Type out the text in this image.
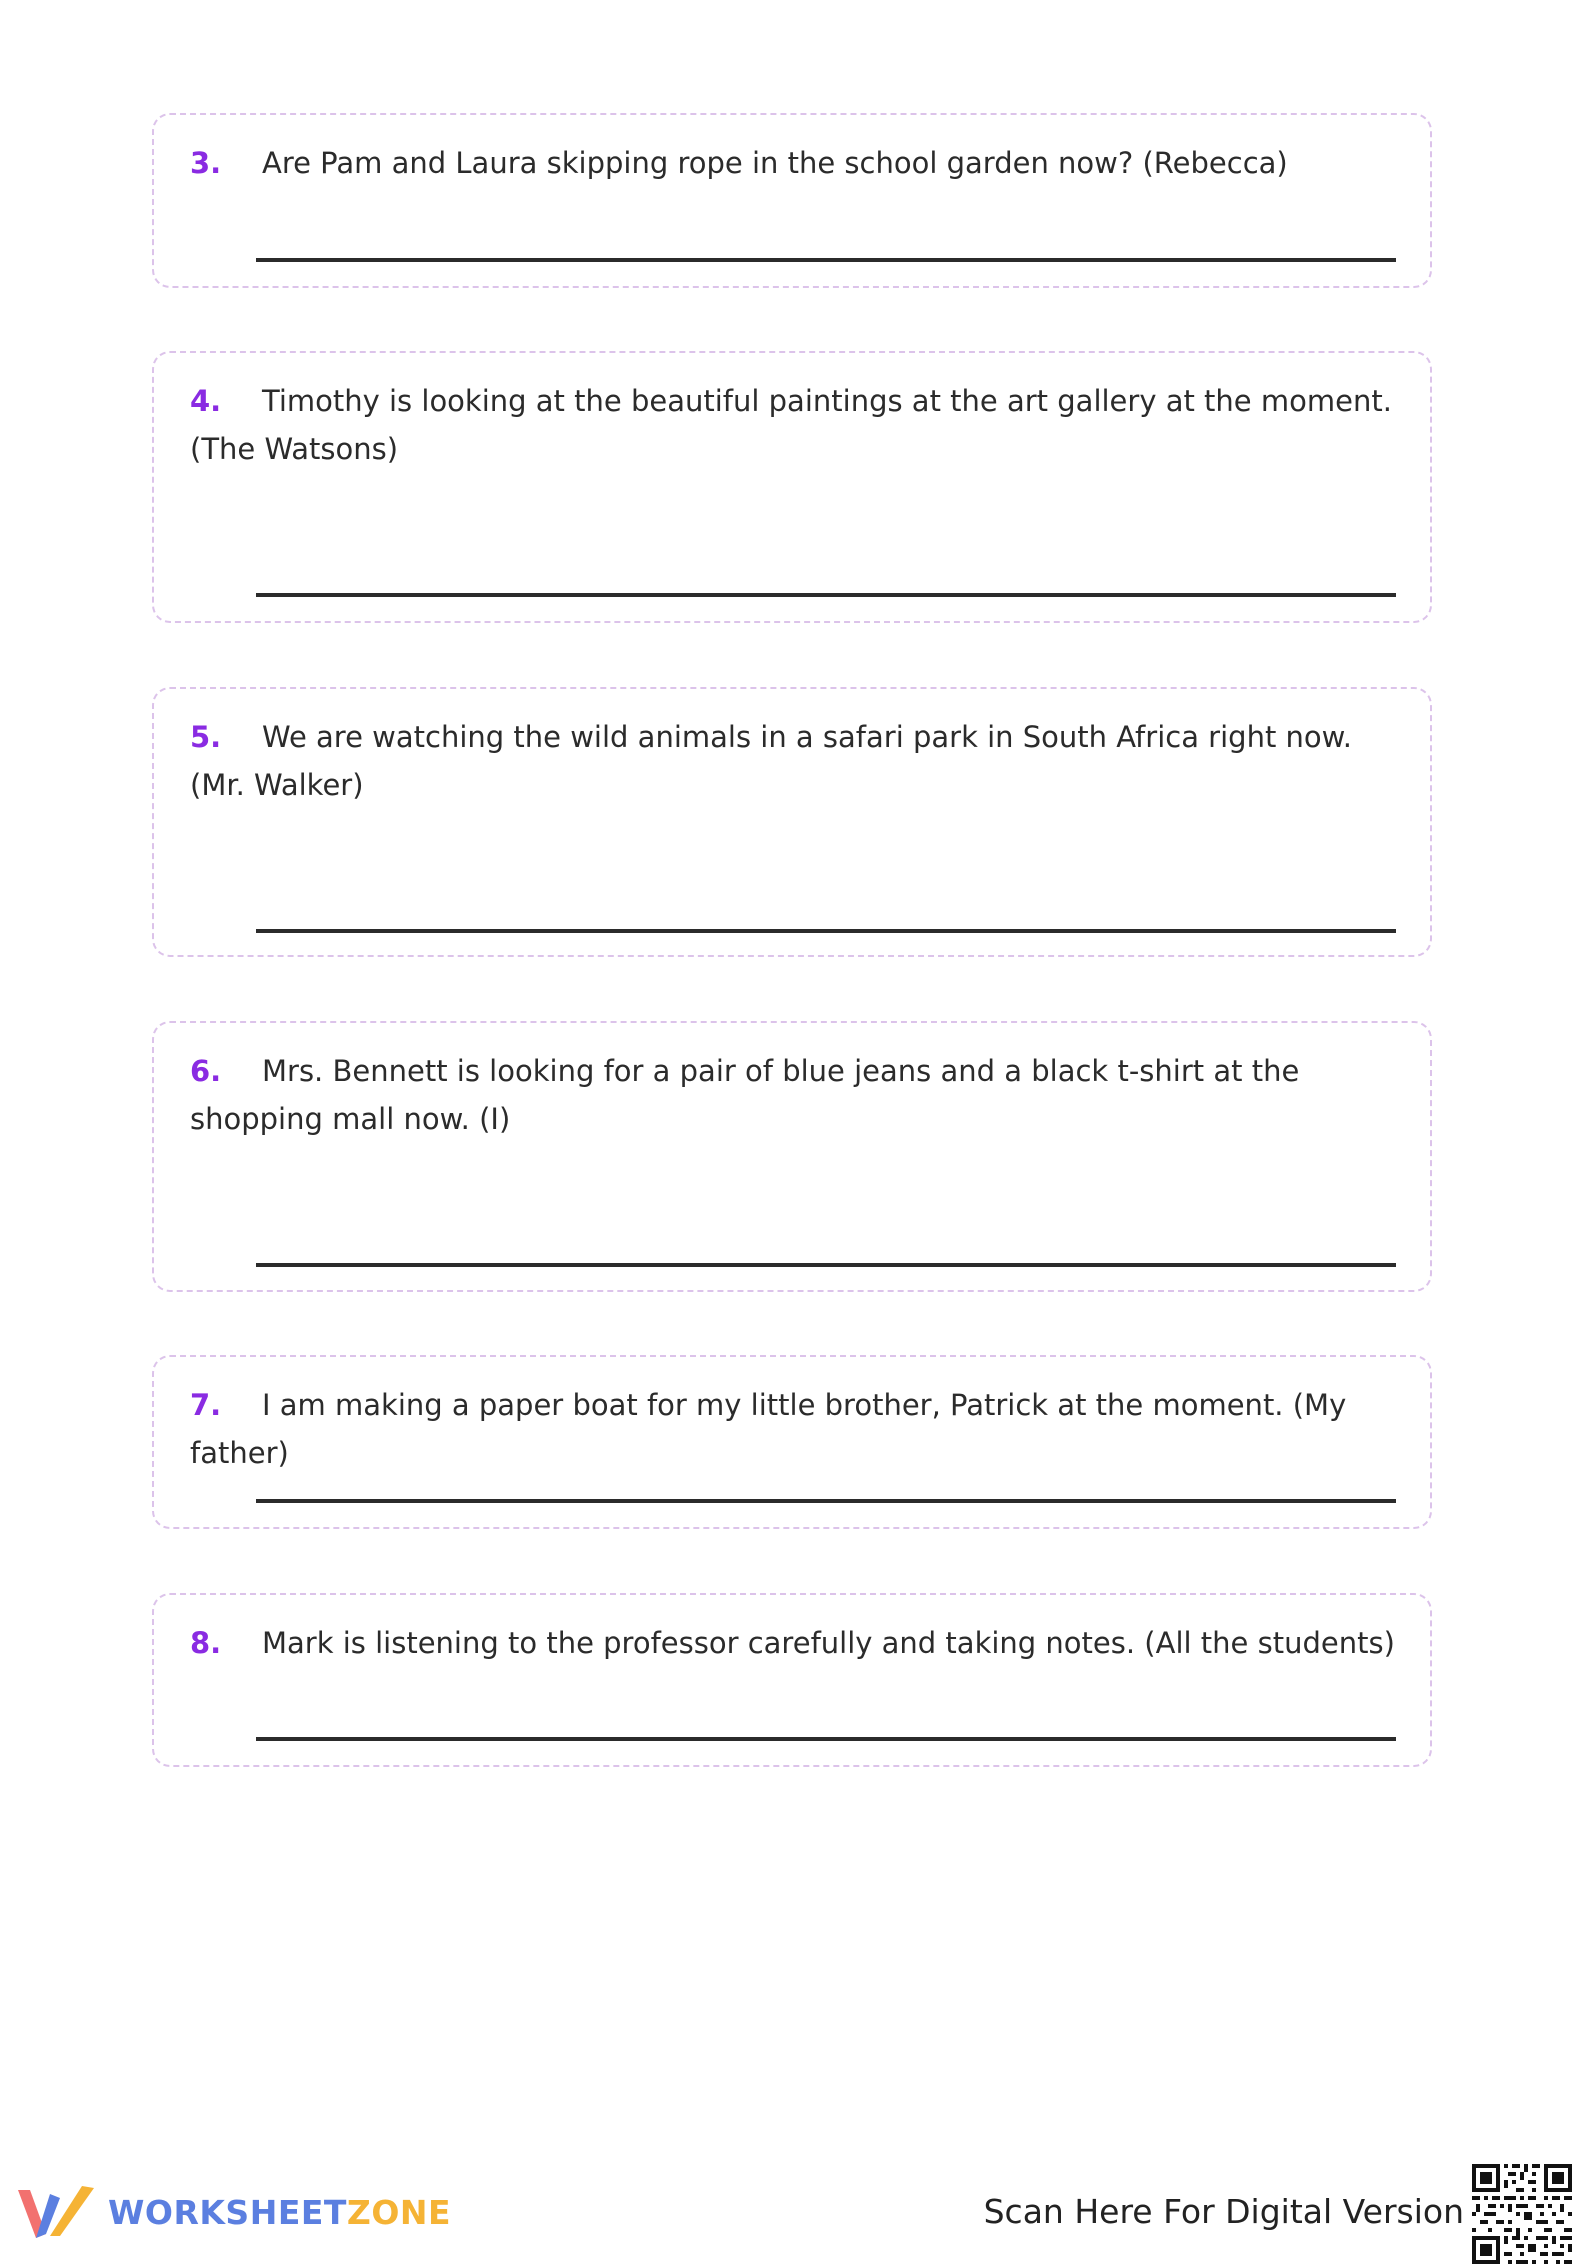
3. Are Pam and Laura skipping rope in the school garden now? (Rebecca)

4. Timothy is looking at the beautiful paintings at the art gallery at the moment. (The Watsons)

5. We are watching the wild animals in a safari park in South Africa right now. (Mr. Walker)

6. Mrs. Bennett is looking for a pair of blue jeans and a black t-shirt at the shopping mall now. (I)

7. I am making a paper boat for my little brother, Patrick at the moment. (My father)

8. Mark is listening to the professor carefully and taking notes. (All the students)

WORKSHEETZONE	Scan Here For Digital Version
